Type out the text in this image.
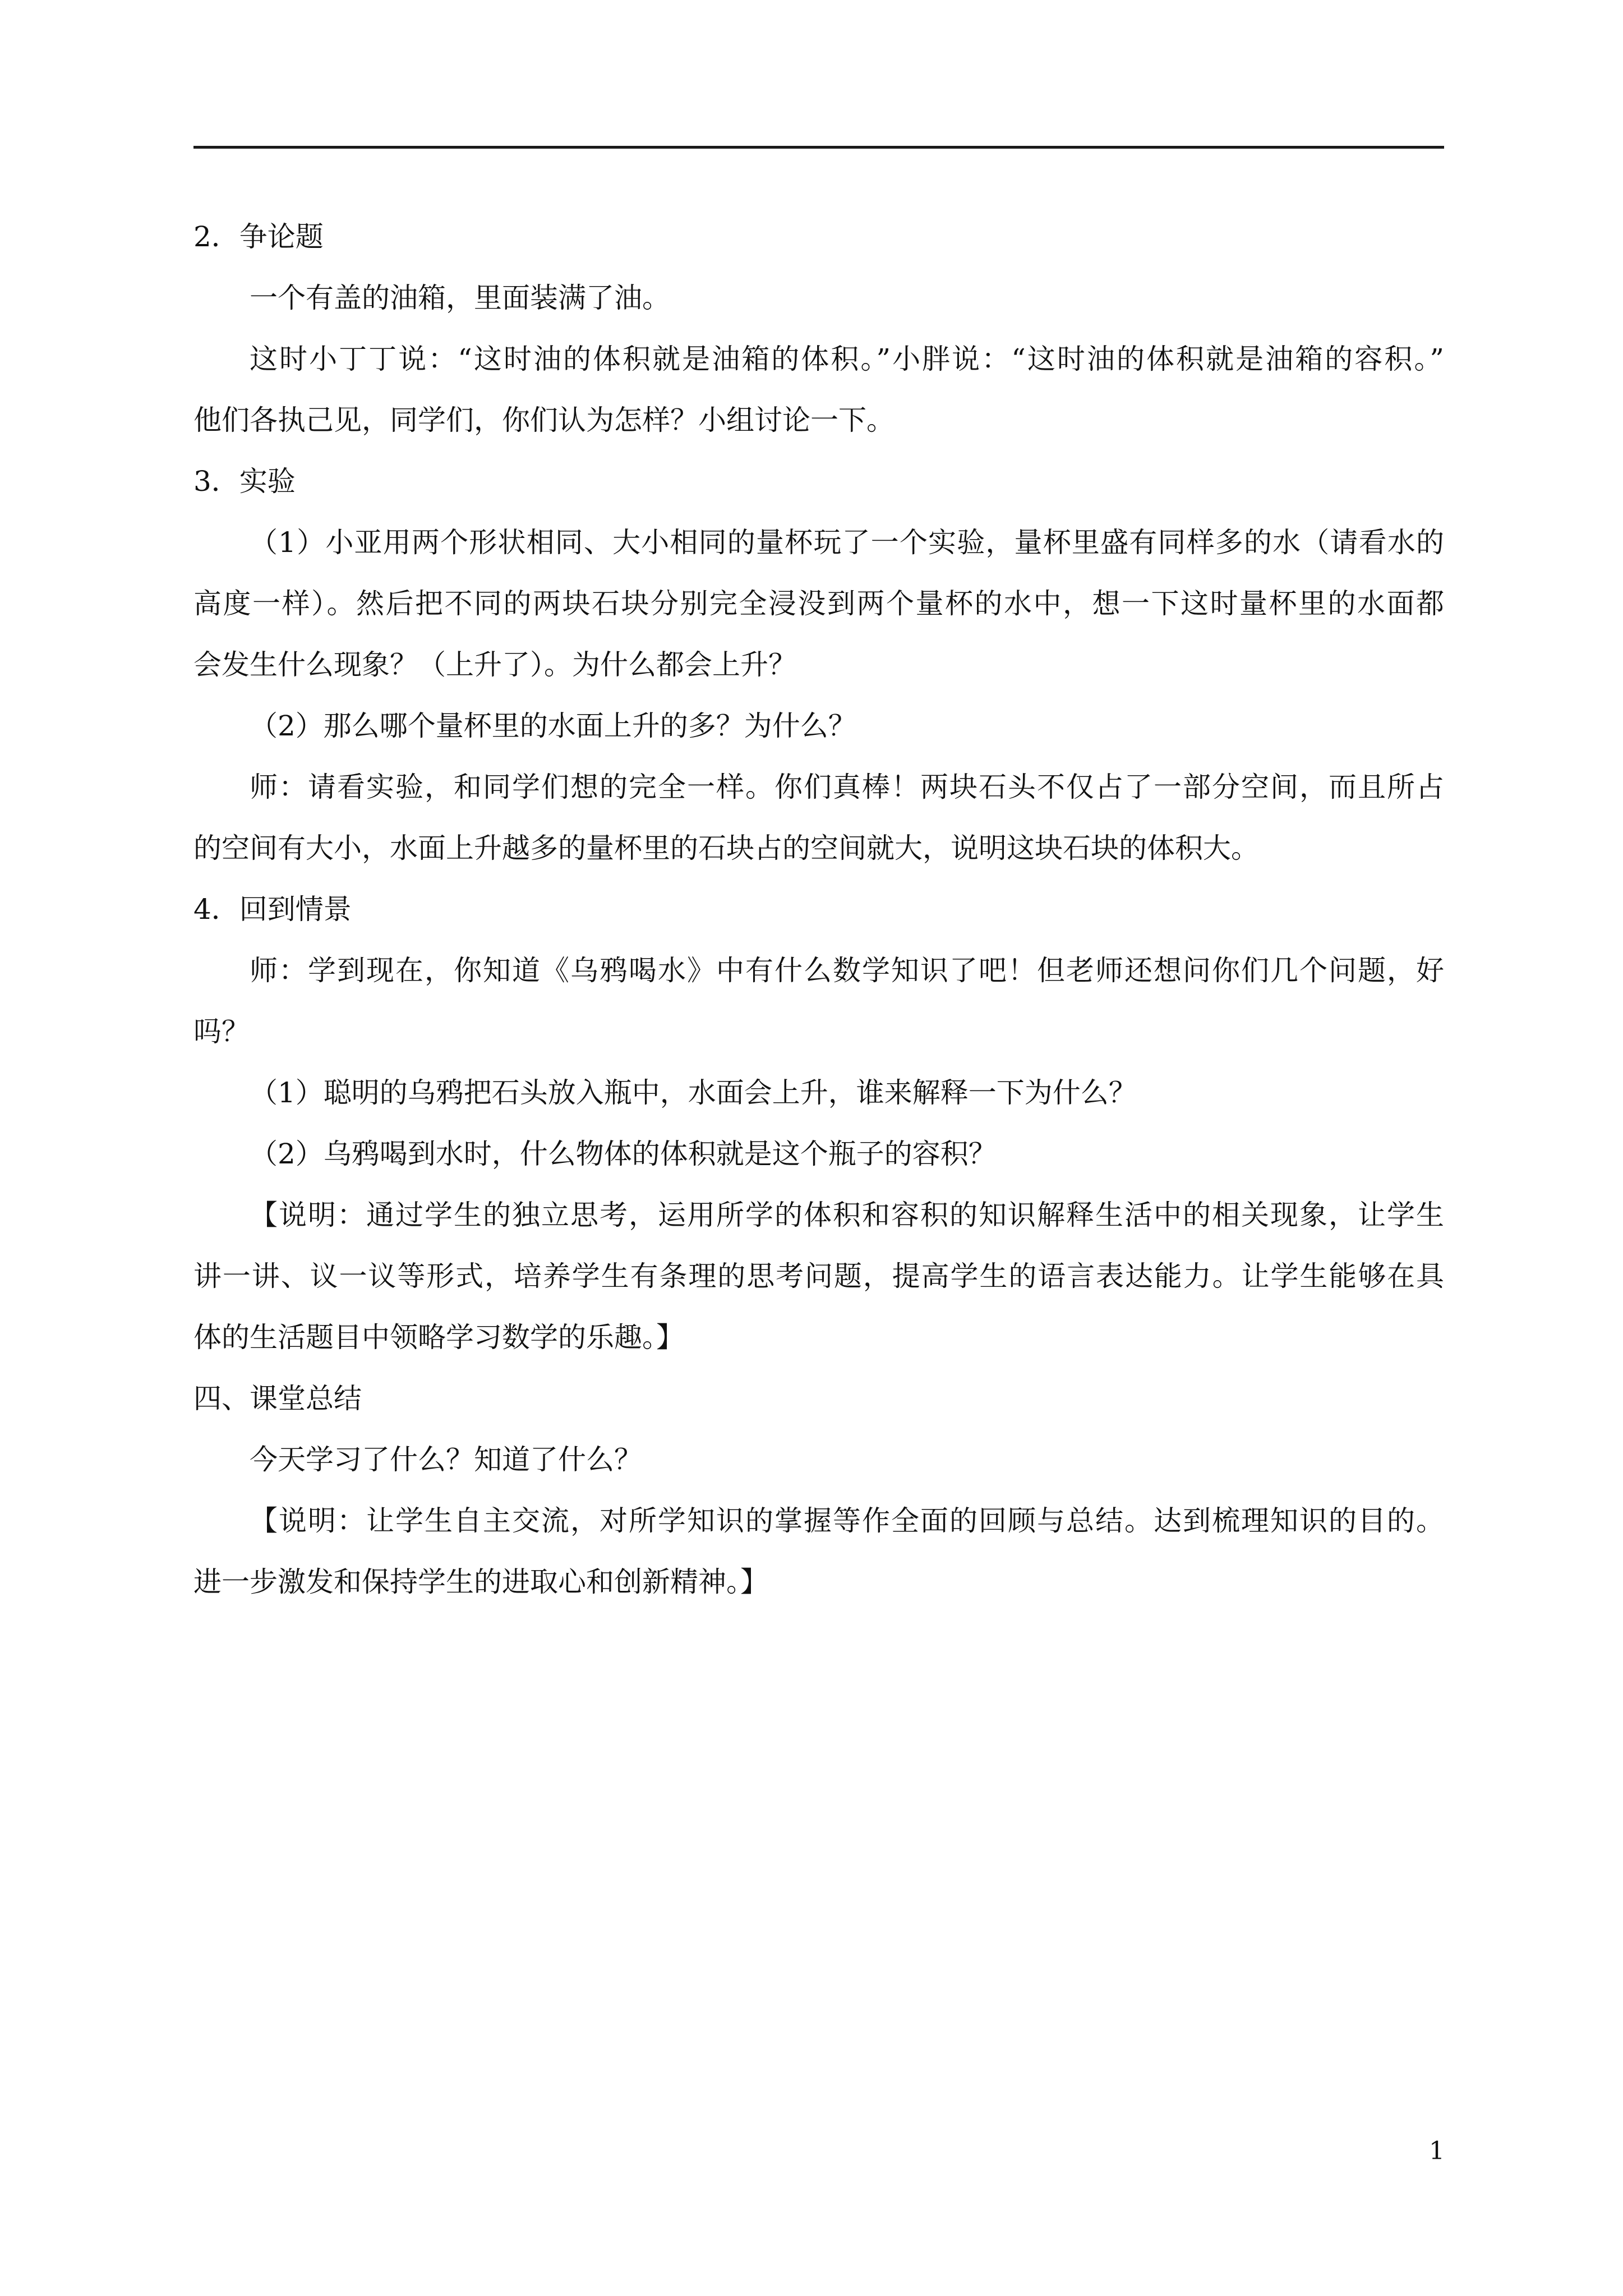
2．争论题
一个有盖的油箱，里面装满了油。
这时小丁丁说：“这时油的体积就是油箱的体积。”小胖说：“这时油的体积就是油箱的容积。”
他们各执己见，同学们，你们认为怎样？小组讨论一下。
3．实验
（1）小亚用两个形状相同、大小相同的量杯玩了一个实验，量杯里盛有同样多的水（请看水的
高度一样）。然后把不同的两块石块分别完全浸没到两个量杯的水中，想一下这时量杯里的水面都
会发生什么现象？（上升了）。为什么都会上升？
（2）那么哪个量杯里的水面上升的多？为什么？
师：请看实验，和同学们想的完全一样。你们真棒！两块石头不仅占了一部分空间，而且所占
的空间有大小，水面上升越多的量杯里的石块占的空间就大，说明这块石块的体积大。
4．回到情景
师：学到现在，你知道《乌鸦喝水》中有什么数学知识了吧！但老师还想问你们几个问题，好
吗？
（1）聪明的乌鸦把石头放入瓶中，水面会上升，谁来解释一下为什么？
（2）乌鸦喝到水时，什么物体的体积就是这个瓶子的容积？
【说明：通过学生的独立思考，运用所学的体积和容积的知识解释生活中的相关现象，让学生
讲一讲、议一议等形式，培养学生有条理的思考问题，提高学生的语言表达能力。让学生能够在具
体的生活题目中领略学习数学的乐趣。】
四、课堂总结
今天学习了什么？知道了什么？
【说明：让学生自主交流，对所学知识的掌握等作全面的回顾与总结。达到梳理知识的目的。
进一步激发和保持学生的进取心和创新精神。】
1
